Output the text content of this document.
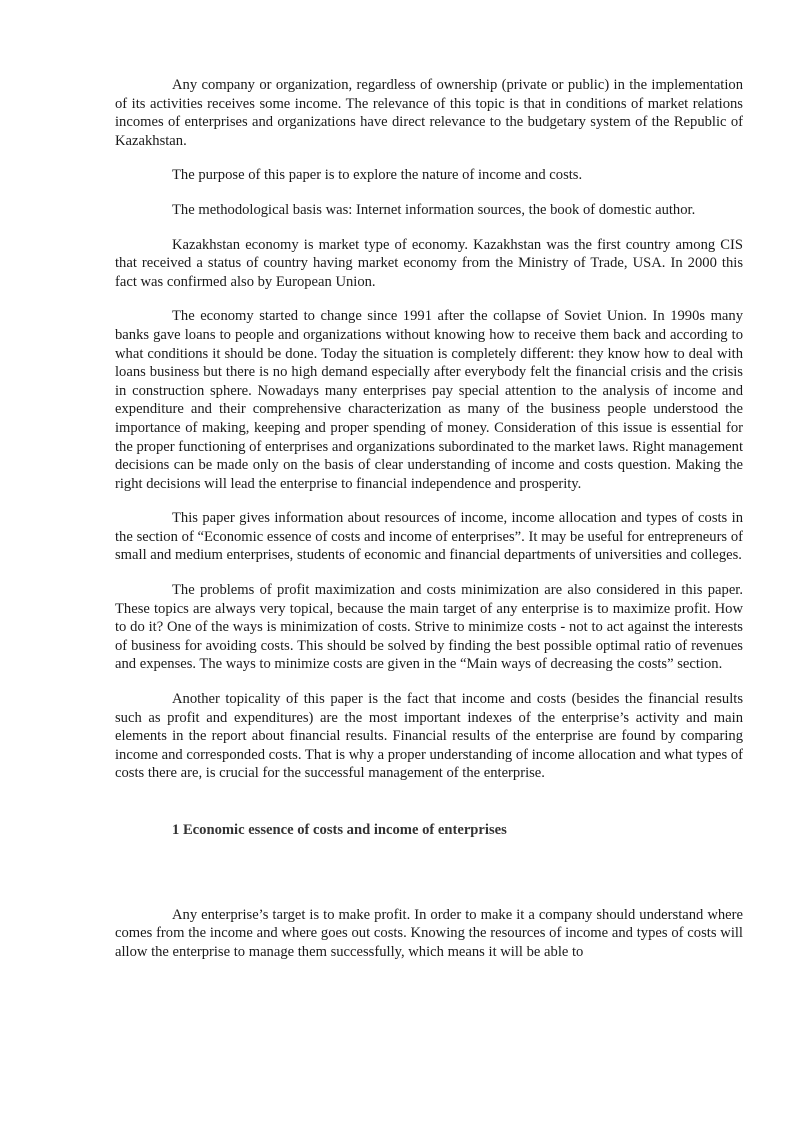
Any company or organization, regardless of ownership (private or public) in the implementation of its activities receives some income. The relevance of this topic is that in conditions of market relations incomes of enterprises and organizations have direct relevance to the budgetary system of the Republic of Kazakhstan.

The purpose of this paper is to explore the nature of income and costs.

The methodological basis was: Internet information sources, the book of domestic author.

Kazakhstan economy is market type of economy. Kazakhstan was the first country among CIS that received a status of country having market economy from the Ministry of Trade, USA. In 2000 this fact was confirmed also by European Union.

The economy started to change since 1991 after the collapse of Soviet Union. In 1990s many banks gave loans to people and organizations without knowing how to receive them back and according to what conditions it should be done. Today the situation is completely different: they know how to deal with loans business but there is no high demand especially after everybody felt the financial crisis and the crisis in construction sphere. Nowadays many enterprises pay special attention to the analysis of income and expenditure and their comprehensive characterization as many of the business people understood the importance of making, keeping and proper spending of money. Consideration of this issue is essential for the proper functioning of enterprises and organizations subordinated to the market laws. Right management decisions can be made only on the basis of clear understanding of income and costs question. Making the right decisions will lead the enterprise to financial independence and prosperity.

This paper gives information about resources of income, income allocation and types of costs in the section of “Economic essence of costs and income of enterprises”. It may be useful for entrepreneurs of small and medium enterprises, students of economic and financial departments of universities and colleges.

The problems of profit maximization and costs minimization are also considered in this paper. These topics are always very topical, because the main target of any enterprise is to maximize profit. How to do it? One of the ways is minimization of costs. Strive to minimize costs - not to act against the interests of business for avoiding costs. This should be solved by finding the best possible optimal ratio of revenues and expenses. The ways to minimize costs are given in the “Main ways of decreasing the costs” section.

Another topicality of this paper is the fact that income and costs (besides the financial results such as profit and expenditures) are the most important indexes of the enterprise’s activity and main elements in the report about financial results. Financial results of the enterprise are found by comparing income and corresponded costs. That is why a proper understanding of income allocation and what types of costs there are, is crucial for the successful management of the enterprise.

1 Economic essence of costs and income of enterprises

Any enterprise’s target is to make profit. In order to make it a company should understand where comes from the income and where goes out costs. Knowing the resources of income and types of costs will allow the enterprise to manage them successfully, which means it will be able to
